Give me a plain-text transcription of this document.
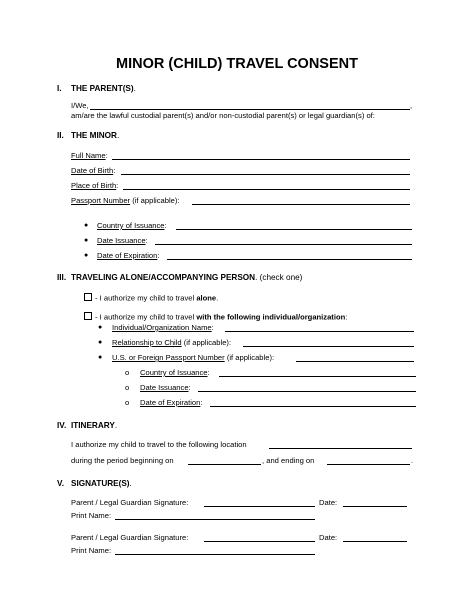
MINOR (CHILD) TRAVEL CONSENT
I. THE PARENT(S).
I/We,	,
am/are the lawful custodial parent(s) and/or non-custodial parent(s) or legal guardian(s) of:
II. THE MINOR.
Full Name:
Date of Birth:
Place of Birth:
Passport Number (if applicable):
● Country of Issuance:
● Date Issuance:
● Date of Expiration:
III. TRAVELING ALONE/ACCOMPANYING PERSON. (check one)
- I authorize my child to travel alone.
- I authorize my child to travel with the following individual/organization:
● Individual/Organization Name:
● Relationship to Child (if applicable):
● U.S. or Foreign Passport Number (if applicable):
o Country of Issuance:
o Date Issuance:
o Date of Expiration:
IV. ITINERARY.
I authorize my child to travel to the following location
during the period beginning on	, and ending on	.
V. SIGNATURE(S).
Parent / Legal Guardian Signature:	Date:
Print Name:
Parent / Legal Guardian Signature:	Date:
Print Name:
